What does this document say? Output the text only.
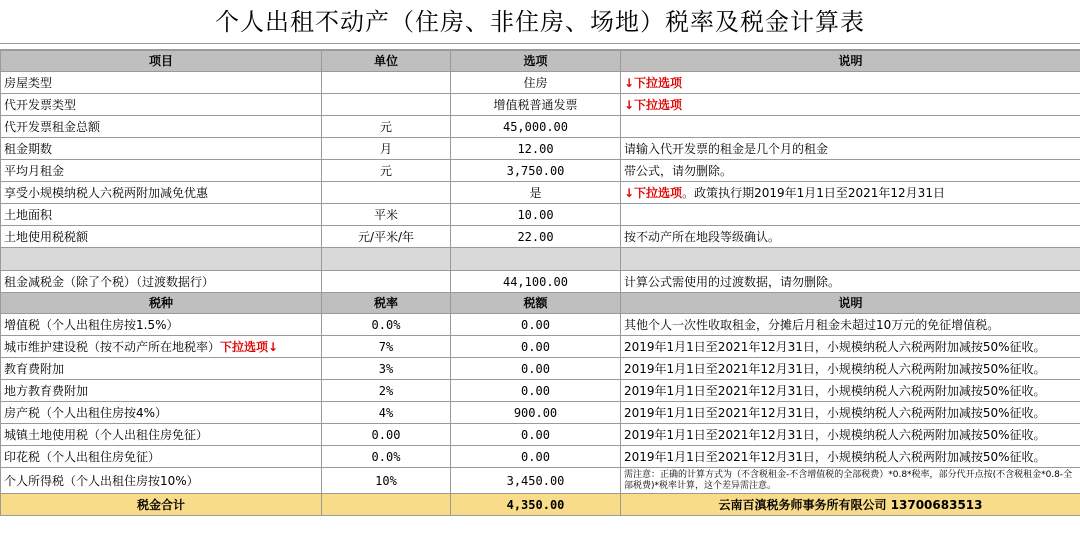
个人出租不动产（住房、非住房、场地）税率及税金计算表
项目	单位	选项	说明
房屋类型		住房	↓下拉选项
代开发票类型		增值税普通发票	↓下拉选项
代开发票租金总额	元	45,000.00	
租金期数	月	12.00	请输入代开发票的租金是几个月的租金
平均月租金	元	3,750.00	带公式，请勿删除。
享受小规模纳税人六税两附加减免优惠		是	↓下拉选项。政策执行期2019年1月1日至2021年12月31日
土地面积	平米	10.00	
土地使用税税额	元/平米/年	22.00	按不动产所在地段等级确认。

租金减税金（除了个税）（过渡数据行）		44,100.00	计算公式需使用的过渡数据，请勿删除。
税种	税率	税额	说明
增值税（个人出租住房按1.5%）	0.0%	0.00	其他个人一次性收取租金，分摊后月租金未超过10万元的免征增值税。
城市维护建设税（按不动产所在地税率）下拉选项↓	7%	0.00	2019年1月1日至2021年12月31日，小规模纳税人六税两附加减按50%征收。
教育费附加	3%	0.00	2019年1月1日至2021年12月31日，小规模纳税人六税两附加减按50%征收。
地方教育费附加	2%	0.00	2019年1月1日至2021年12月31日，小规模纳税人六税两附加减按50%征收。
房产税（个人出租住房按4%）	4%	900.00	2019年1月1日至2021年12月31日，小规模纳税人六税两附加减按50%征收。
城镇土地使用税（个人出租住房免征）	0.00	0.00	2019年1月1日至2021年12月31日，小规模纳税人六税两附加减按50%征收。
印花税（个人出租住房免征）	0.0%	0.00	2019年1月1日至2021年12月31日，小规模纳税人六税两附加减按50%征收。
个人所得税（个人出租住房按10%）	10%	3,450.00	需注意：正确的计算方式为（不含税租金-不含增值税的全部税费）*0.8*税率，部分代开点按(不含税租金*0.8-全部税费)*税率计算，这个差异需注意。
税金合计		4,350.00	云南百滇税务师事务所有限公司 13700683513
